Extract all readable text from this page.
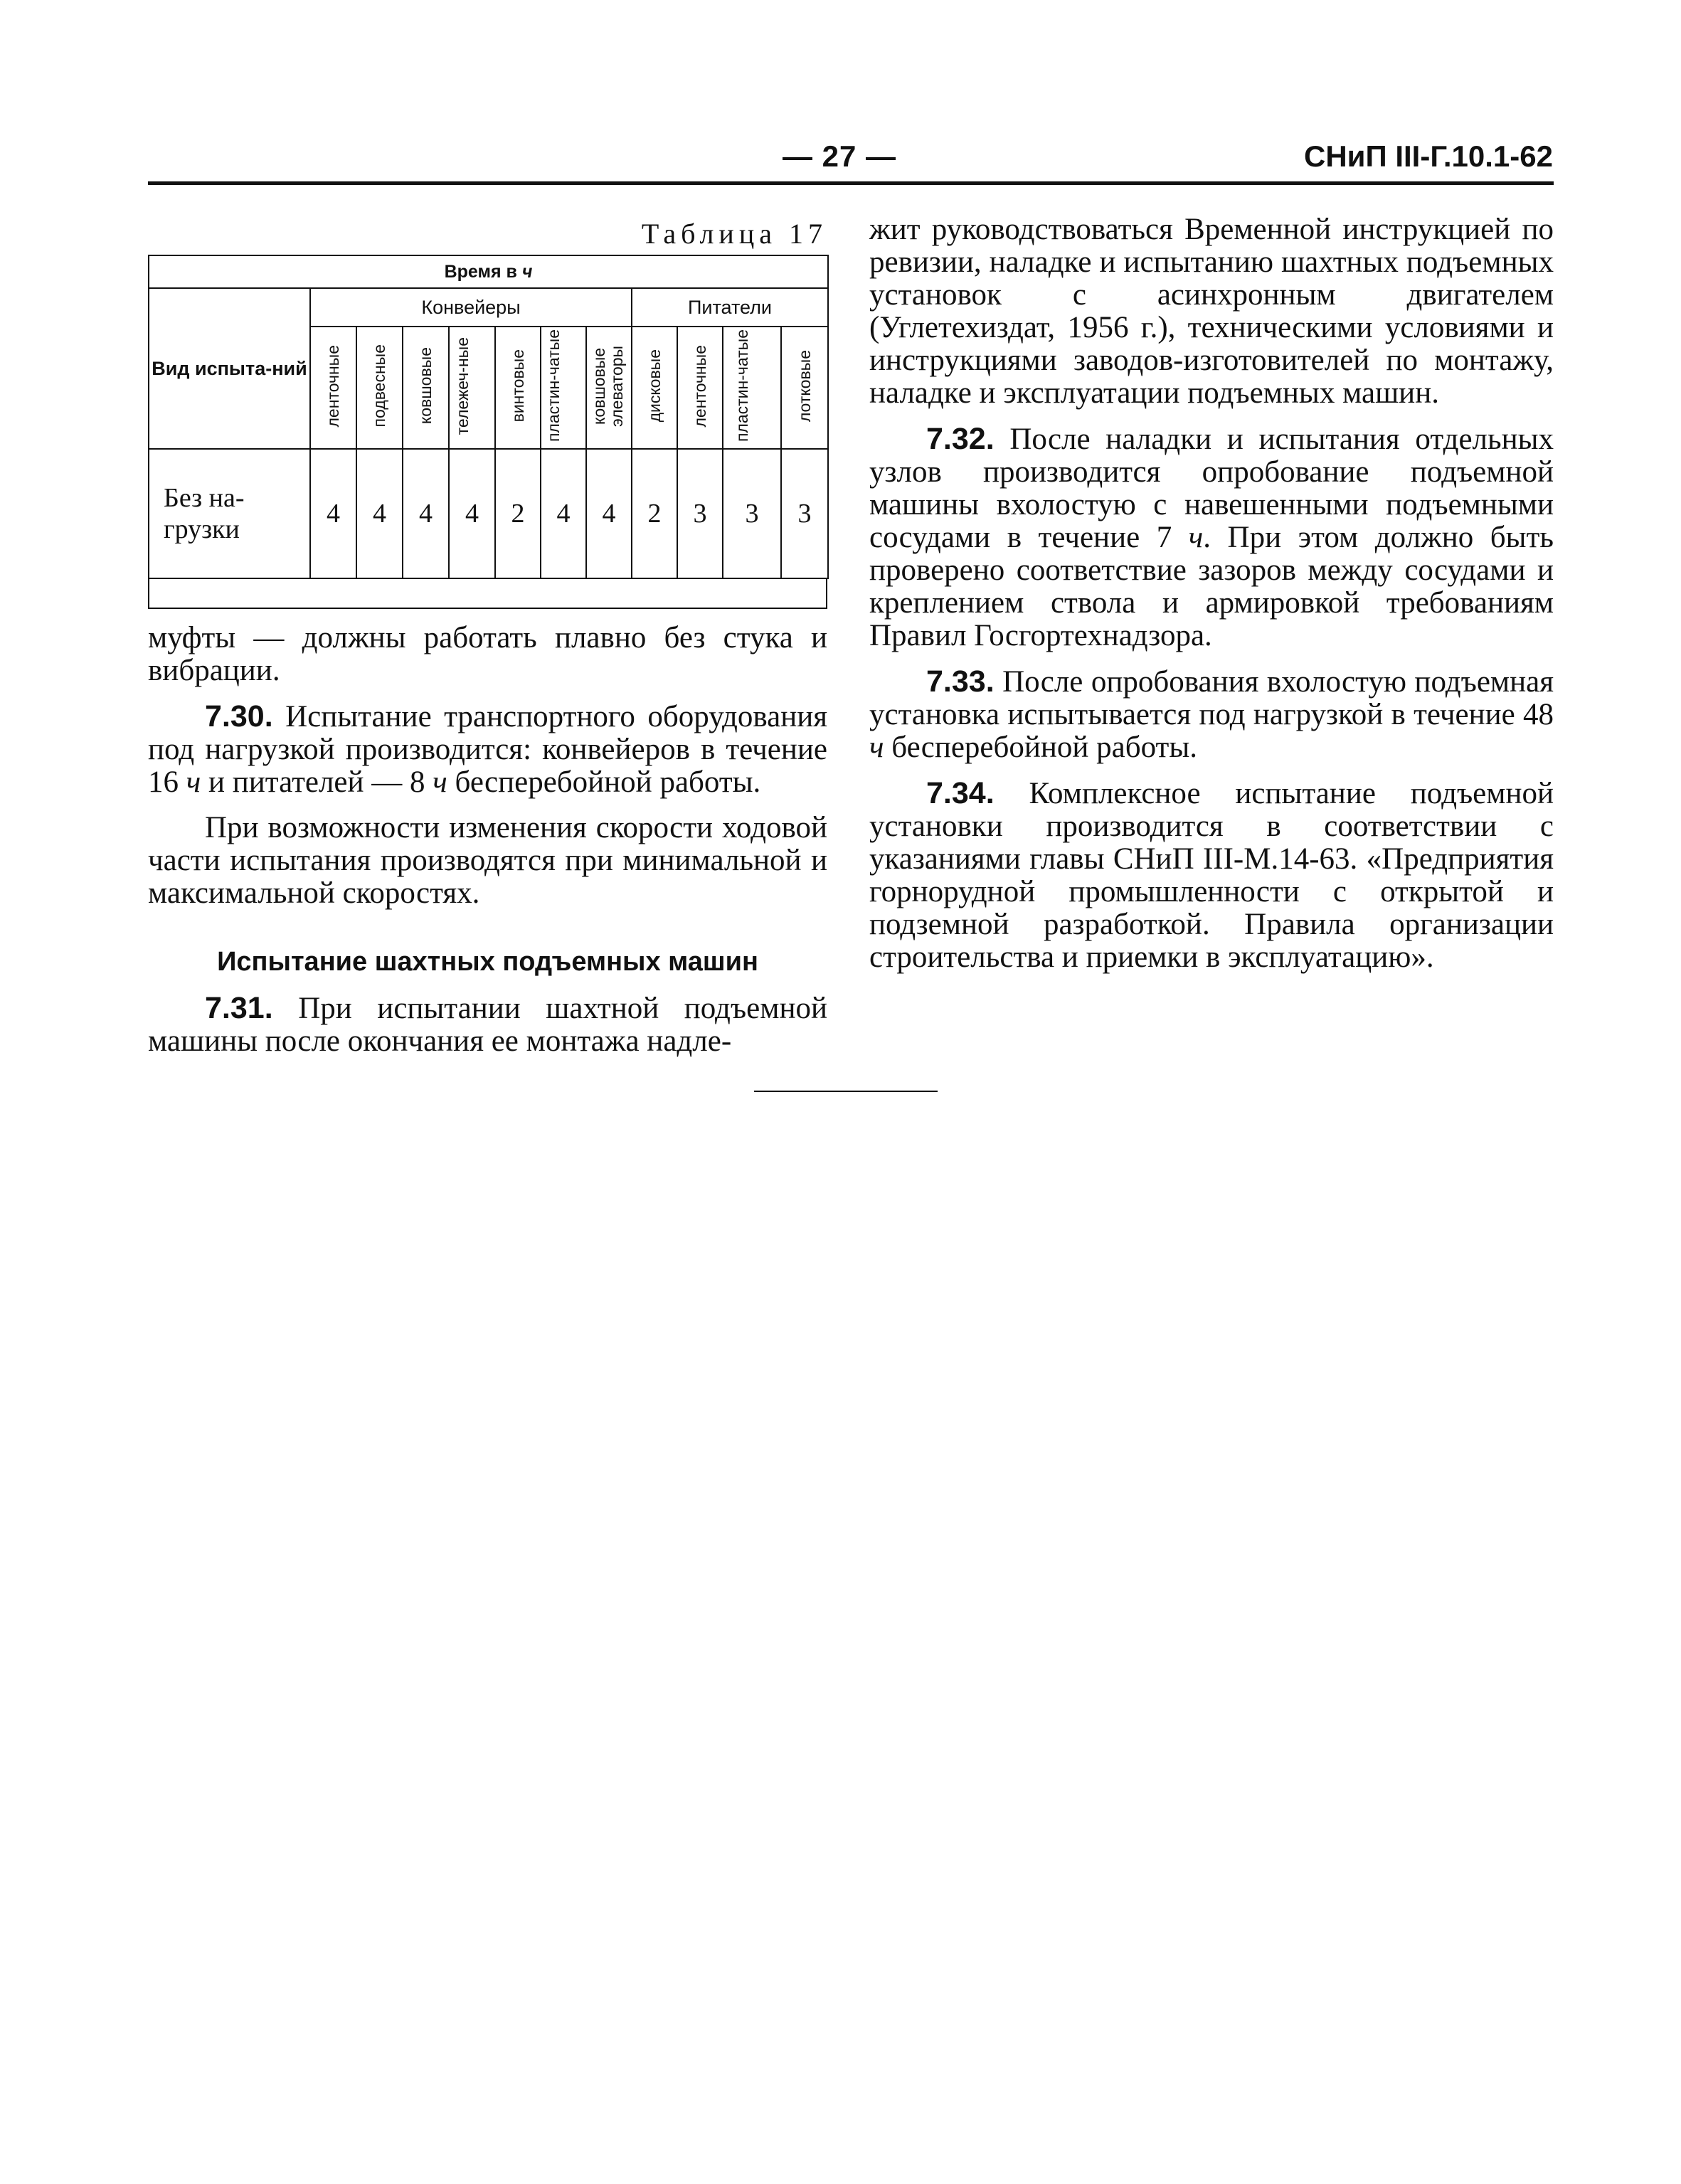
— 27 —	СНиП III-Г.10.1-62
Таблица 17
Время в ч											
Вид испыта-ний	Конвейеры							Питатели			
	ленточные	подвесные	ковшовые	тележеч-ные	винтовые	пластин-чатые	ковшовые элеваторы	дисковые	ленточные	пластин-чатые	лотковые
Без на-грузки	4	4	4	4	2	4	4	2	3	3	3

муфты — должны работать плавно без стука и вибрации.

7.30. Испытание транспортного оборудования под нагрузкой производится: конвейеров в течение 16 ч и питателей — 8 ч бесперебойной работы.

При возможности изменения скорости ходовой части испытания производятся при минимальной и максимальной скоростях.

Испытание шахтных подъемных машин

7.31. При испытании шахтной подъемной машины после окончания ее монтажа надле-

жит руководствоваться Временной инструкцией по ревизии, наладке и испытанию шахтных подъемных установок с асинхронным двигателем (Углетехиздат, 1956 г.), техническими условиями и инструкциями заводов-изготовителей по монтажу, наладке и эксплуатации подъемных машин.

7.32. После наладки и испытания отдельных узлов производится опробование подъемной машины вхолостую с навешенными подъемными сосудами в течение 7 ч. При этом должно быть проверено соответствие зазоров между сосудами и креплением ствола и армировкой требованиям Правил Госгортехнадзора.

7.33. После опробования вхолостую подъемная установка испытывается под нагрузкой в течение 48 ч бесперебойной работы.

7.34. Комплексное испытание подъемной установки производится в соответствии с указаниями главы СНиП III-М.14-63. «Предприятия горнорудной промышленности с открытой и подземной разработкой. Правила организации строительства и приемки в эксплуатацию».
